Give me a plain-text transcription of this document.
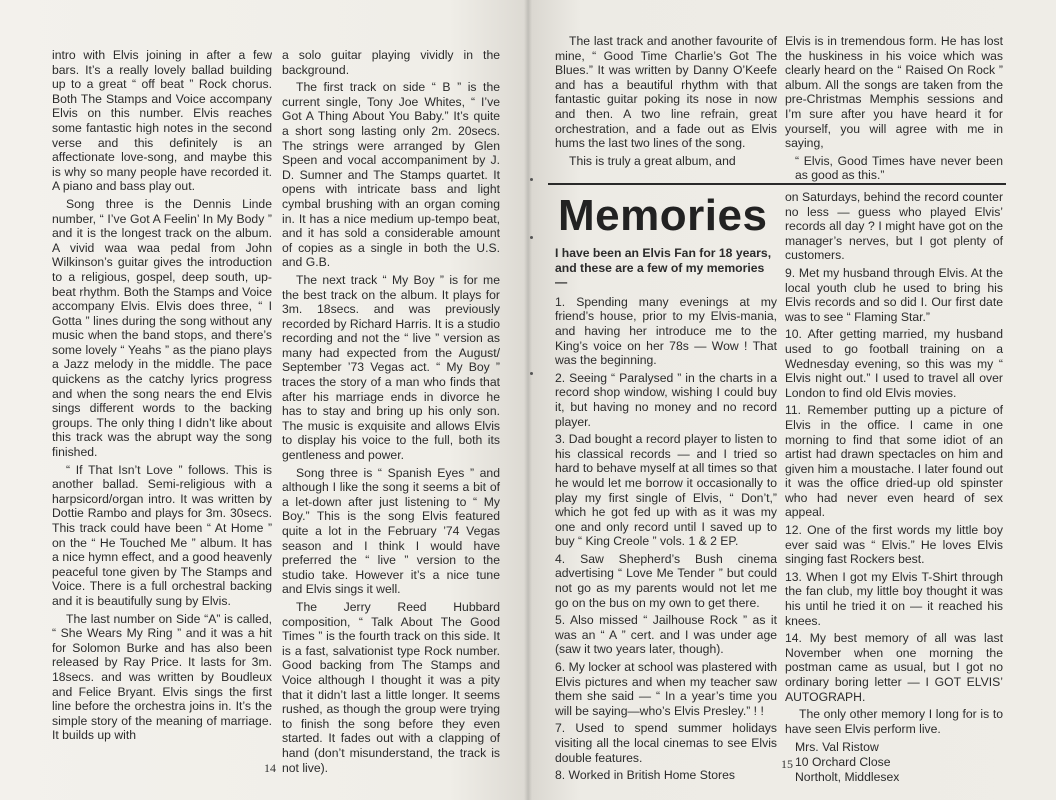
intro with Elvis joining in after a few bars. It’s a really lovely ballad building up to a great “ off beat ” Rock chorus. Both The Stamps and Voice accompany Elvis on this number. Elvis reaches some fantastic high notes in the second verse and this definitely is an affectionate love-song, and maybe this is why so many people have recorded it. A piano and bass play out.

Song three is the Dennis Linde number, “ I’ve Got A Feelin’ In My Body ” and it is the longest track on the album. A vivid waa waa pedal from John Wilkinson’s guitar gives the introduction to a religious, gospel, deep south, up-beat rhythm. Both the Stamps and Voice accompany Elvis. Elvis does three, “ I Gotta ” lines during the song without any music when the band stops, and there’s some lovely “ Yeahs ” as the piano plays a Jazz melody in the middle. The pace quickens as the catchy lyrics progress and when the song nears the end Elvis sings different words to the backing groups. The only thing I didn’t like about this track was the abrupt way the song finished.

“ If That Isn’t Love ” follows. This is another ballad. Semi-religious with a harpsicord/organ intro. It was written by Dottie Rambo and plays for 3m. 30secs. This track could have been “ At Home ” on the “ He Touched Me ” album. It has a nice hymn effect, and a good heavenly peaceful tone given by The Stamps and Voice. There is a full orchestral backing and it is beautifully sung by Elvis.

The last number on Side “A” is called, “ She Wears My Ring ” and it was a hit for Solomon Burke and has also been released by Ray Price. It lasts for 3m. 18secs. and was written by Boudleux and Felice Bryant. Elvis sings the first line before the orchestra joins in. It’s the simple story of the meaning of marriage. It builds up with

a solo guitar playing vividly in the background.

The first track on side “ B ” is the current single, Tony Joe Whites, “ I’ve Got A Thing About You Baby.” It’s quite a short song lasting only 2m. 20secs. The strings were arranged by Glen Speen and vocal accompaniment by J. D. Sumner and The Stamps quartet. It opens with intricate bass and light cymbal brushing with an organ coming in. It has a nice medium up-tempo beat, and it has sold a considerable amount of copies as a single in both the U.S. and G.B.

The next track “ My Boy ” is for me the best track on the album. It plays for 3m. 18secs. and was previously recorded by Richard Harris. It is a studio recording and not the “ live ” version as many had expected from the August/ September ’73 Vegas act. “ My Boy ” traces the story of a man who finds that after his marriage ends in divorce he has to stay and bring up his only son. The music is exquisite and allows Elvis to display his voice to the full, both its gentleness and power.

Song three is “ Spanish Eyes ” and although I like the song it seems a bit of a let-down after just listening to “ My Boy.” This is the song Elvis featured quite a lot in the February ’74 Vegas season and I think I would have preferred the “ live ” version to the studio take. However it’s a nice tune and Elvis sings it well.

The Jerry Reed Hubbard composition, “ Talk About The Good Times ” is the fourth track on this side. It is a fast, salvationist type Rock number. Good backing from The Stamps and Voice although I thought it was a pity that it didn’t last a little longer. It seems rushed, as though the group were trying to finish the song before they even started. It fades out with a clapping of hand (don’t misunderstand, the track is not live).

14

The last track and another favourite of mine, “ Good Time Charlie’s Got The Blues.” It was written by Danny O’Keefe and has a beautiful rhythm with that fantastic guitar poking its nose in now and then. A two line refrain, great orchestration, and a fade out as Elvis hums the last two lines of the song.

This is truly a great album, and

Elvis is in tremendous form. He has lost the huskiness in his voice which was clearly heard on the “ Raised On Rock ” album. All the songs are taken from the pre-Christmas Memphis sessions and I’m sure after you have heard it for yourself, you will agree with me in saying,

“ Elvis, Good Times have never been as good as this.”

Memories

I have been an Elvis Fan for 18 years, and these are a few of my memories —

1. Spending many evenings at my friend’s house, prior to my Elvis-mania, and having her introduce me to the King’s voice on her 78s — Wow ! That was the beginning.

2. Seeing “ Paralysed ” in the charts in a record shop window, wishing I could buy it, but having no money and no record player.

3. Dad bought a record player to listen to his classical records — and I tried so hard to behave myself at all times so that he would let me borrow it occasionally to play my first single of Elvis, “ Don’t,” which he got fed up with as it was my one and only record until I saved up to buy “ King Creole ” vols. 1 & 2 EP.

4. Saw Shepherd’s Bush cinema advertising “ Love Me Tender ” but could not go as my parents would not let me go on the bus on my own to get there.

5. Also missed “ Jailhouse Rock ” as it was an “ A ” cert. and I was under age (saw it two years later, though).

6. My locker at school was plastered with Elvis pictures and when my teacher saw them she said — “ In a year’s time you will be saying—who’s Elvis Presley.” ! !

7. Used to spend summer holidays visiting all the local cinemas to see Elvis double features.

8. Worked in British Home Stores

on Saturdays, behind the record counter no less — guess who played Elvis’ records all day ? I might have got on the manager’s nerves, but I got plenty of customers.

9. Met my husband through Elvis. At the local youth club he used to bring his Elvis records and so did I. Our first date was to see “ Flaming Star.”

10. After getting married, my husband used to go football training on a Wednesday evening, so this was my “ Elvis night out.” I used to travel all over London to find old Elvis movies.

11. Remember putting up a picture of Elvis in the office. I came in one morning to find that some idiot of an artist had drawn spectacles on him and given him a moustache. I later found out it was the office dried-up old spinster who had never even heard of sex appeal.

12. One of the first words my little boy ever said was “ Elvis.” He loves Elvis singing fast Rockers best.

13. When I got my Elvis T-Shirt through the fan club, my little boy thought it was his until he tried it on — it reached his knees.

14. My best memory of all was last November when one morning the postman came as usual, but I got no ordinary boring letter — I GOT ELVIS’ AUTOGRAPH.

The only other memory I long for is to have seen Elvis perform live.

Mrs. Val Ristow
10 Orchard Close
Northolt, Middlesex
15
